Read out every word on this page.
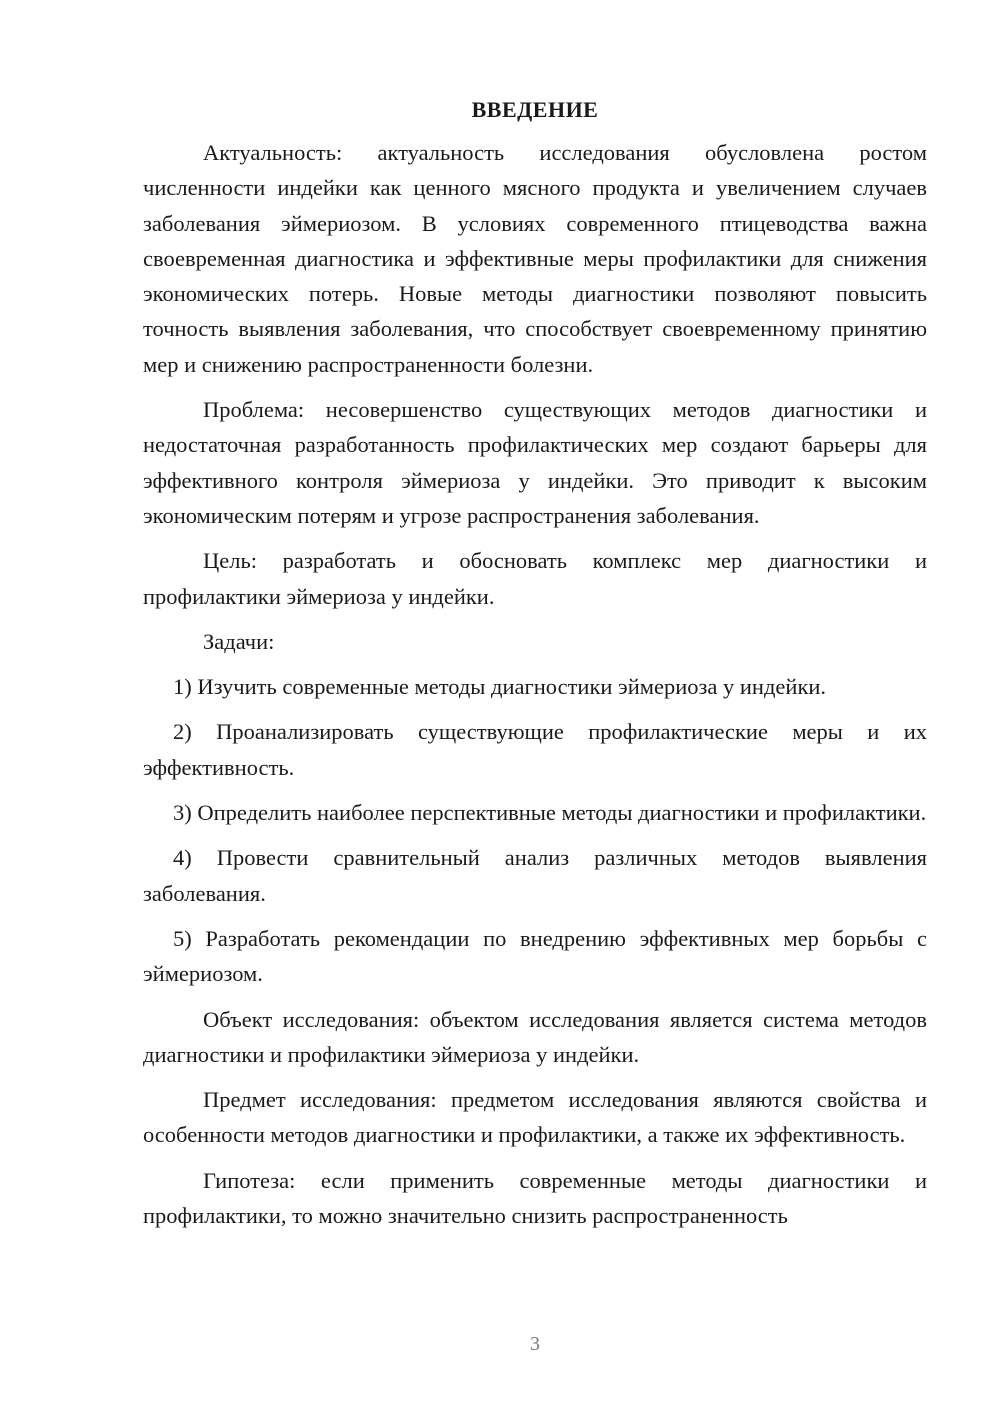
ВВЕДЕНИЕ

Актуальность: актуальность исследования обусловлена ростом численности индейки как ценного мясного продукта и увеличением случаев заболевания эймериозом. В условиях современного птицеводства важна своевременная диагностика и эффективные меры профилактики для снижения экономических потерь. Новые методы диагностики позволяют повысить точность выявления заболевания, что способствует своевременному принятию мер и снижению распространенности болезни.

Проблема: несовершенство существующих методов диагностики и недостаточная разработанность профилактических мер создают барьеры для эффективного контроля эймериоза у индейки. Это приводит к высоким экономическим потерям и угрозе распространения заболевания.

Цель: разработать и обосновать комплекс мер диагностики и профилактики эймериоза у индейки.

Задачи:

1) Изучить современные методы диагностики эймериоза у индейки.

2) Проанализировать существующие профилактические меры и их эффективность.

3) Определить наиболее перспективные методы диагностики и профилактики.

4) Провести сравнительный анализ различных методов выявления заболевания.

5) Разработать рекомендации по внедрению эффективных мер борьбы с эймериозом.

Объект исследования: объектом исследования является система методов диагностики и профилактики эймериоза у индейки.

Предмет исследования: предметом исследования являются свойства и особенности методов диагностики и профилактики, а также их эффективность.

Гипотеза: если применить современные методы диагностики и профилактики, то можно значительно снизить распространенность

3
